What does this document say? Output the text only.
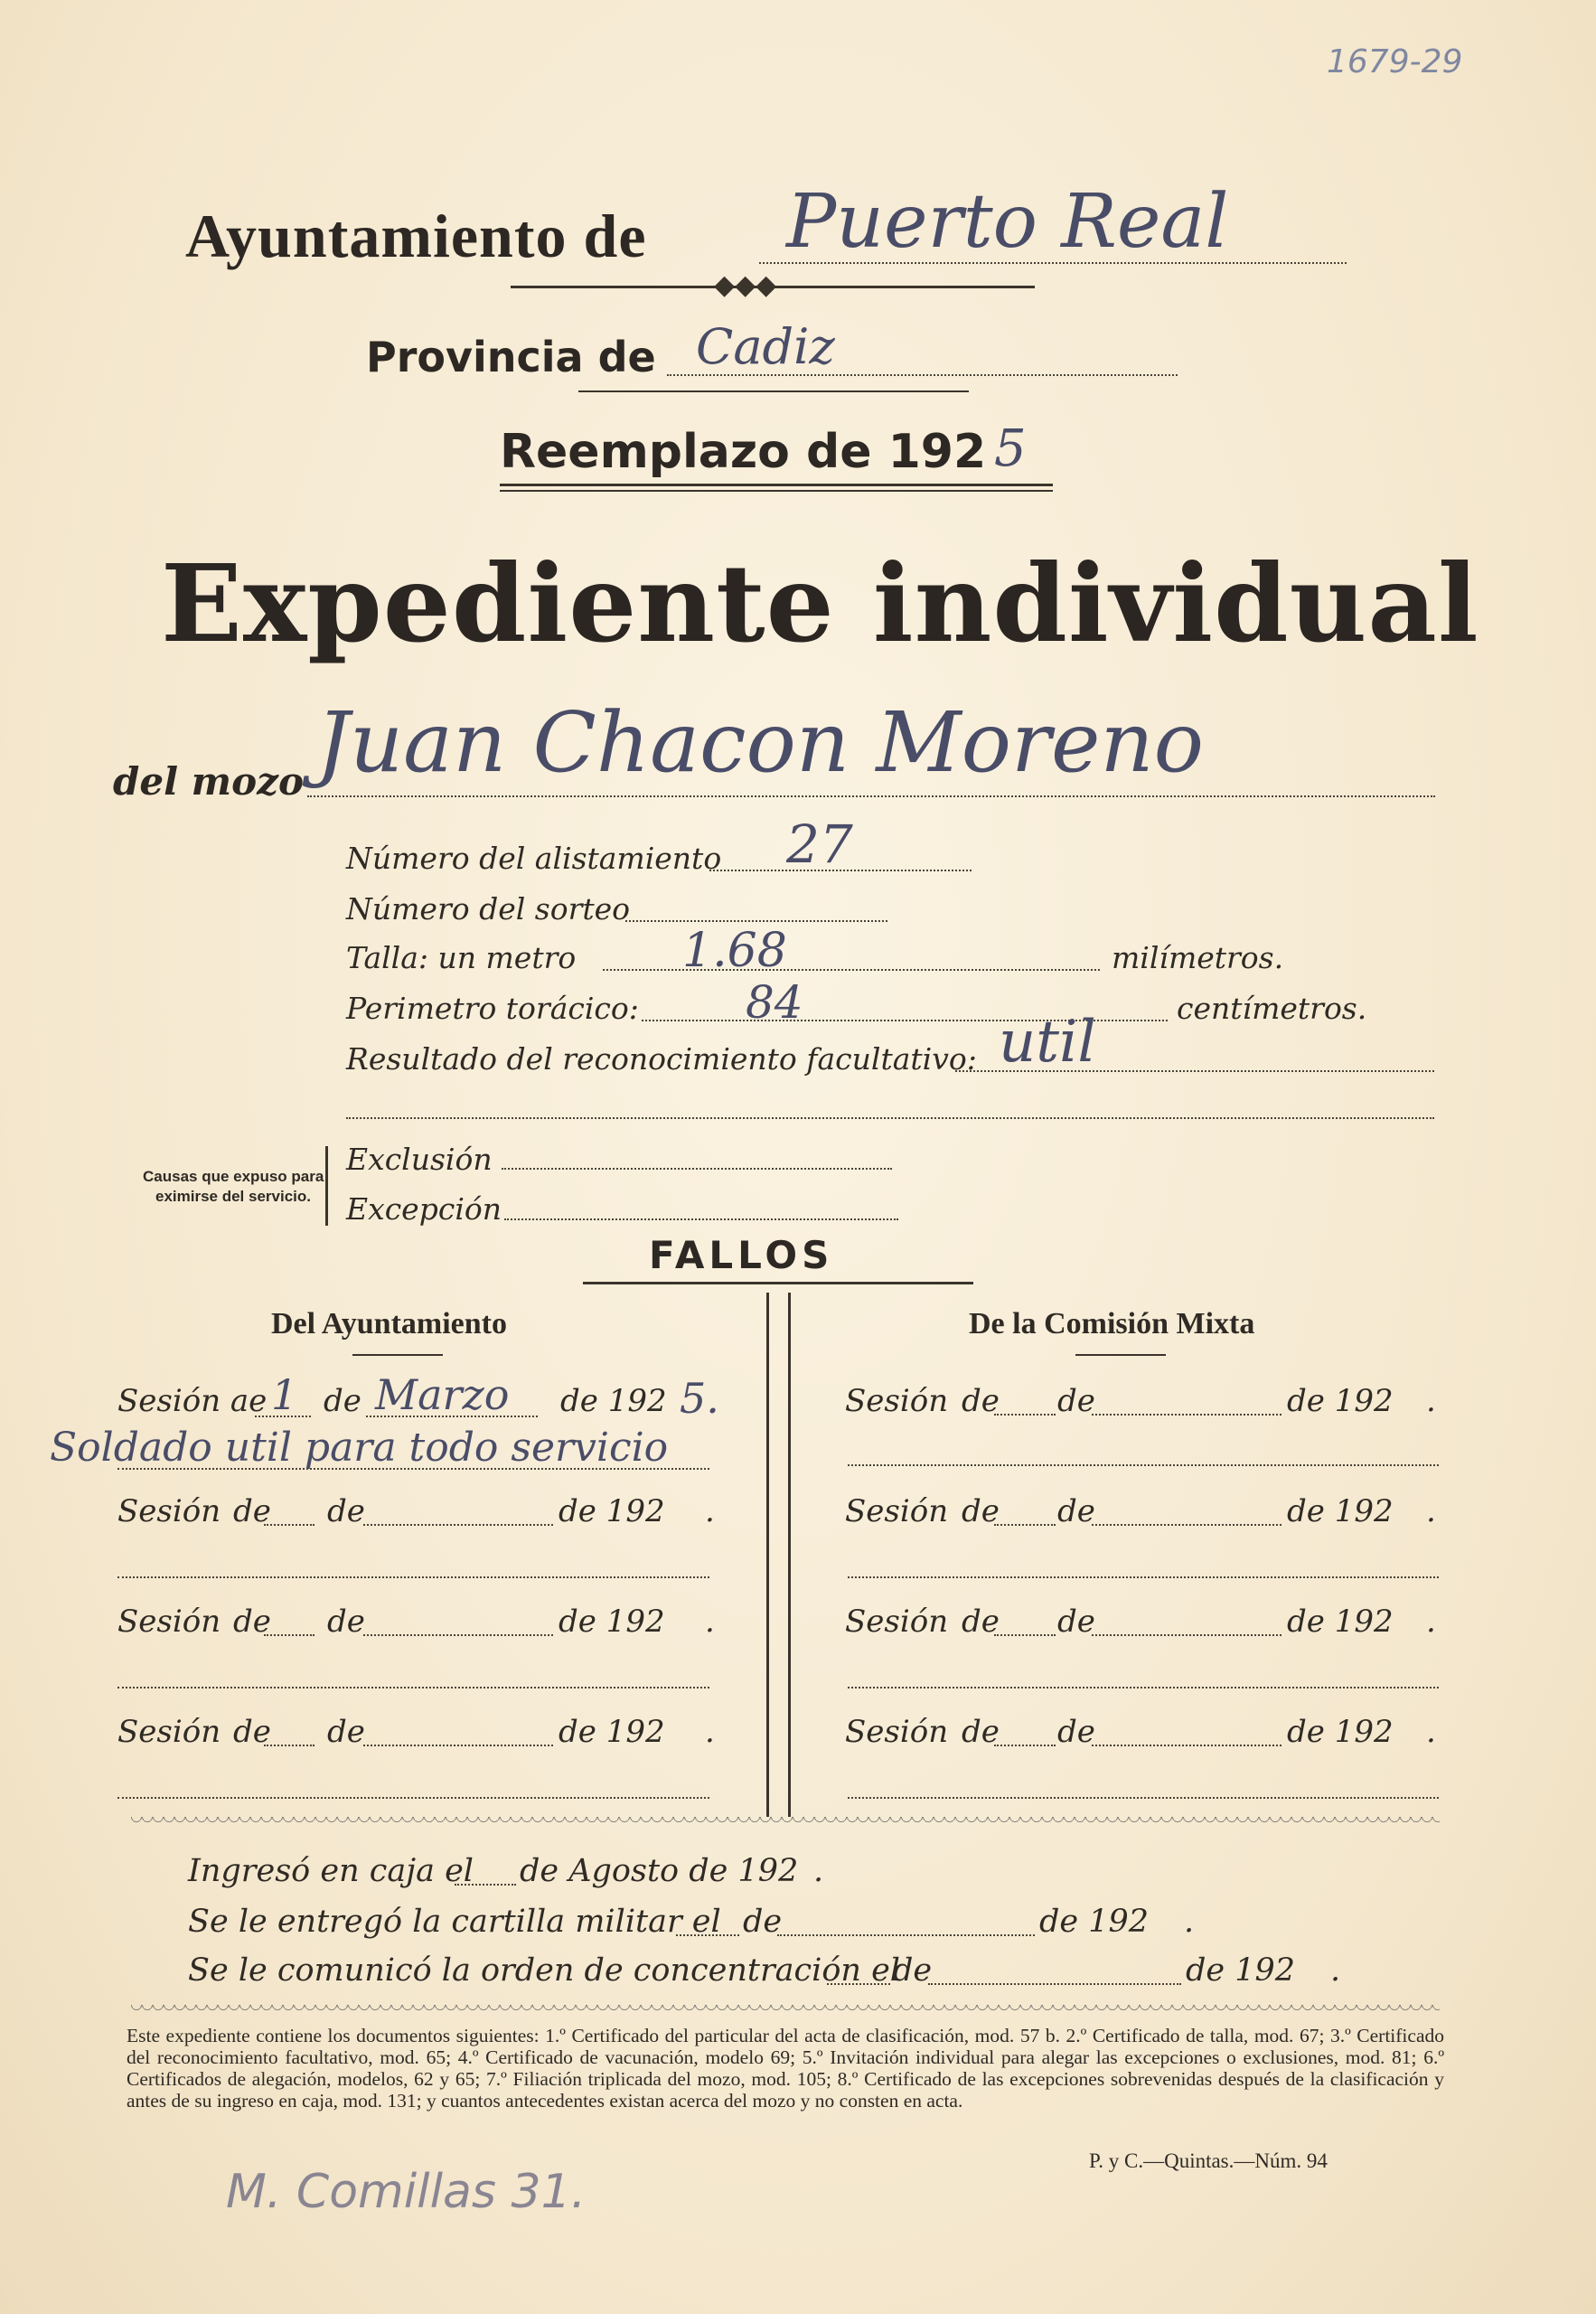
1679-29
Ayuntamiento de Puerto Real
◆◆◆
Provincia de Cadiz
Reemplazo de 192 5
Expediente individual
del mozo Juan Chacon Moreno
Número del alistamiento 27
Número del sorteo
Talla: un metro 1.68	milímetros.
Perimetro torácico: 84	centímetros.
Resultado del reconocimiento facultativo: util
Causas que expuso para
eximirse del servicio.
Exclusión
Excepción
FALLOS
Del Ayuntamiento	De la Comisión Mixta
Sesión ae 1 de Marzo de 192 5.
Soldado util para todo servicio
Sesión de de	de 192 .
Sesión de de	de 192 .
Sesión de de	de 192 .
Sesión de de	de 192 .
Sesión de de	de 192 .
Sesión de de	de 192 .
Sesión de de	de 192 .
Ingresó en caja el de Agosto de 192 .
Se le entregó la cartilla militar el de	de 192 .
Se le comunicó la orden de concentración el
de	de 192 .
Este expediente contiene los documentos siguientes: 1.º Certificado del particular del acta de clasificación, mod. 57 b. 2.º Certificado de talla, mod. 67; 3.º Certificado del reconocimiento facultativo, mod. 65; 4.º Certificado de vacunación, modelo 69; 5.º Invitación individual para alegar las excepciones o exclusiones, mod. 81; 6.º Certificados de alegación, modelos, 62 y 65; 7.º Filiación triplicada del mozo, mod. 105; 8.º Certificado de las excepciones sobrevenidas después de la clasificación y antes de su ingreso en caja, mod. 131; y cuantos antecedentes existan acerca del mozo y no consten en acta.
P. y C.—Quintas.—Núm. 94
M. Comillas 31.
